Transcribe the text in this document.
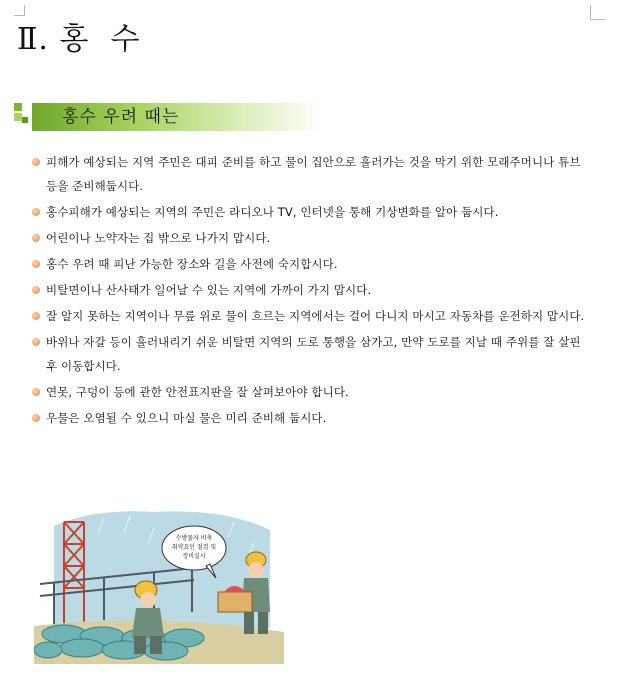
Ⅱ. 홍  수
홍수 우려 때는
피해가 예상되는 지역 주민은 대피 준비를 하고 물이 집안으로 흘러가는 것을 막기 위한 모래주머니나 튜브 등을 준비해둡시다.
홍수피해가 예상되는 지역의 주민은 라디오나 TV, 인터넷을 통해 기상변화를 알아 둡시다.
어린이나 노약자는 집 밖으로 나가지 맙시다.
홍수 우려 때 피난 가능한 장소와 길을 사전에 숙지합시다.
비탈면이나 산사태가 일어날 수 있는 지역에 가까이 가지 맙시다.
잘 알지 못하는 지역이나 무릎 위로 물이 흐르는 지역에서는 걸어 다니지 마시고 자동차를 운전하지 맙시다.
바위나 자갈 등이 흘러내리기 쉬운 비탈면 지역의 도로 통행을 삼가고, 만약 도로를 지날 때 주위를 잘 살핀 후 이동합시다.
연못, 구덩이 등에 관한 안전표지판을 잘 살펴보아야 합니다.
우물은 오염될 수 있으니 마실 물은 미리 준비해 둡시다.
수방물자 비축
취약요인 점검 및
정비실시
